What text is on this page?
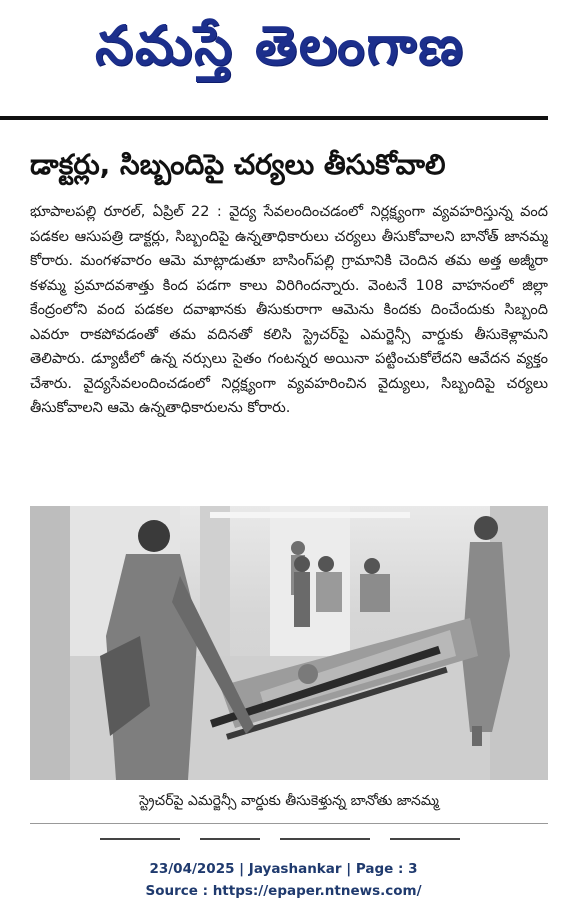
నమస్తే తెలంగాణ
డాక్టర్లు, సిబ్బందిపై చర్యలు తీసుకోవాలి
భూపాలపల్లి రూరల్, ఏప్రిల్ 22 : వైద్య సేవలందించడంలో నిర్లక్ష్యంగా వ్యవహరిస్తున్న వంద పడకల ఆసుపత్రి డాక్టర్లు, సిబ్బందిపై ఉన్నతాధికారులు చర్యలు తీసుకోవాలని బానోత్ జానమ్మ కోరారు. మంగళవారం ఆమె మాట్లాడుతూ బాసింగ్‌పల్లి గ్రామానికి చెందిన తమ అత్త అజ్మీరా కళమ్మ ప్రమాదవశాత్తు కింద పడగా కాలు విరిగిందన్నారు. వెంటనే 108 వాహనంలో జిల్లా కేంద్రంలోని వంద పడకల దవాఖానకు తీసుకురాగా ఆమెను కిందకు దించేందుకు సిబ్బంది ఎవరూ రాకపోవడంతో తమ వదినతో కలిసి స్ట్రెచర్‌పై ఎమర్జెన్సీ వార్డుకు తీసుకెళ్లామని తెలిపారు. డ్యూటీలో ఉన్న నర్సులు సైతం గంటన్నర అయినా పట్టించుకోలేదని ఆవేదన వ్యక్తం చేశారు. వైద్యసేవలందించడంలో నిర్లక్ష్యంగా వ్యవహరించిన వైద్యులు, సిబ్బందిపై చర్యలు తీసుకోవాలని ఆమె ఉన్నతాధికారులను కోరారు.
స్ట్రెచర్‌పై ఎమర్జెన్సీ వార్డుకు తీసుకెళ్తున్న బానోతు జానమ్మ
23/04/2025 | Jayashankar | Page : 3
Source : https://epaper.ntnews.com/
